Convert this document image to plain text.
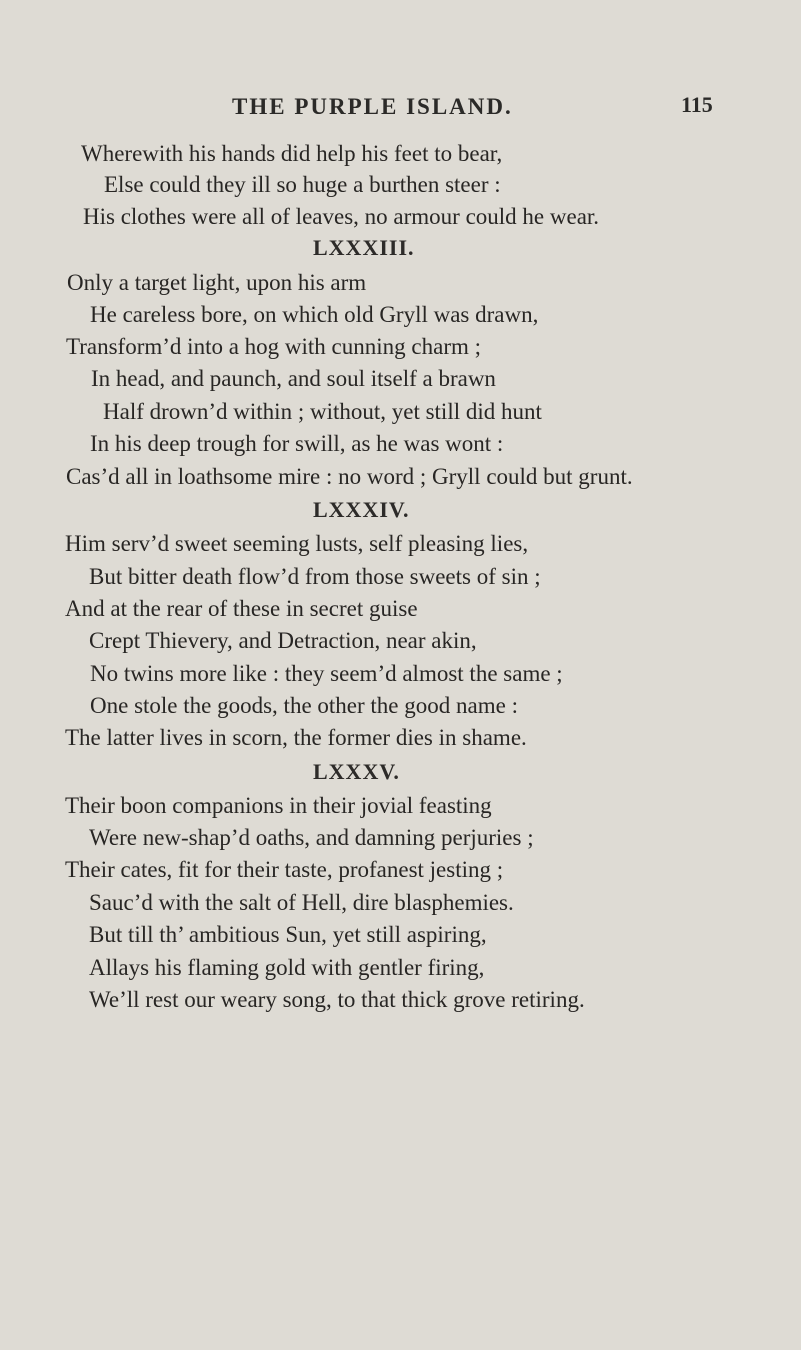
THE PURPLE ISLAND.	115
Wherewith his hands did help his feet to bear,
Else could they ill so huge a burthen steer :
His clothes were all of leaves, no armour could he wear.
LXXXIII.
Only a target light, upon his arm
He careless bore, on which old Gryll was drawn,
Transform’d into a hog with cunning charm ;
In head, and paunch, and soul itself a brawn
Half drown’d within ; without, yet still did hunt
In his deep trough for swill, as he was wont :
Cas’d all in loathsome mire : no word ; Gryll could but grunt.
LXXXIV.
Him serv’d sweet seeming lusts, self pleasing lies,
But bitter death flow’d from those sweets of sin ;
And at the rear of these in secret guise
Crept Thievery, and Detraction, near akin,
No twins more like : they seem’d almost the same ;
One stole the goods, the other the good name :
The latter lives in scorn, the former dies in shame.
LXXXV.
Their boon companions in their jovial feasting
Were new-shap’d oaths, and damning perjuries ;
Their cates, fit for their taste, profanest jesting ;
Sauc’d with the salt of Hell, dire blasphemies.
But till th’ ambitious Sun, yet still aspiring,
Allays his flaming gold with gentler firing,
We’ll rest our weary song, to that thick grove retiring.
